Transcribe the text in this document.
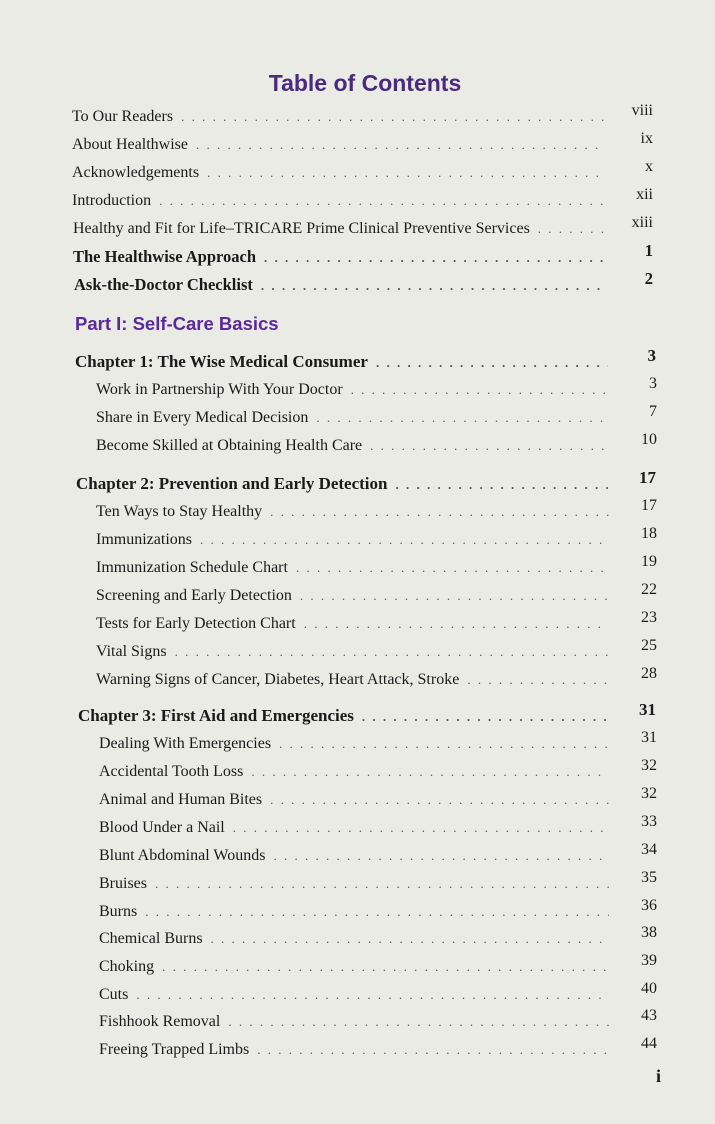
Table of Contents
To Our Readers . . .	viii
About Healthwise . . .	ix
Acknowledgements . . .	x
Introduction . . .	xii
Healthy and Fit for Life–TRICARE Prime Clinical Preventive Services . . .	xiii
The Healthwise Approach . . .	1
Ask-the-Doctor Checklist . . .	2
Chapter 1: The Wise Medical Consumer . . .	3
Work in Partnership With Your Doctor . . .	3
Share in Every Medical Decision . . .	7
Become Skilled at Obtaining Health Care . . .	10
Chapter 2: Prevention and Early Detection . . .	17
Ten Ways to Stay Healthy . . .	17
Immunizations . . .	18
Immunization Schedule Chart . . .	19
Screening and Early Detection . . .	22
Tests for Early Detection Chart . . .	23
Vital Signs . . .	25
Warning Signs of Cancer, Diabetes, Heart Attack, Stroke . . .	28
Chapter 3: First Aid and Emergencies . . .	31
Dealing With Emergencies . . .	31
Accidental Tooth Loss . . .	32
Animal and Human Bites . . .	32
Blood Under a Nail . . .	33
Blunt Abdominal Wounds . . .	34
Bruises . . .	35
Burns . . .	36
Chemical Burns . . .	38
Choking . . .	39
Cuts . . .	40
Fishhook Removal . . .	43
Freeing Trapped Limbs . . .	44
Part I: Self-Care Basics
i
